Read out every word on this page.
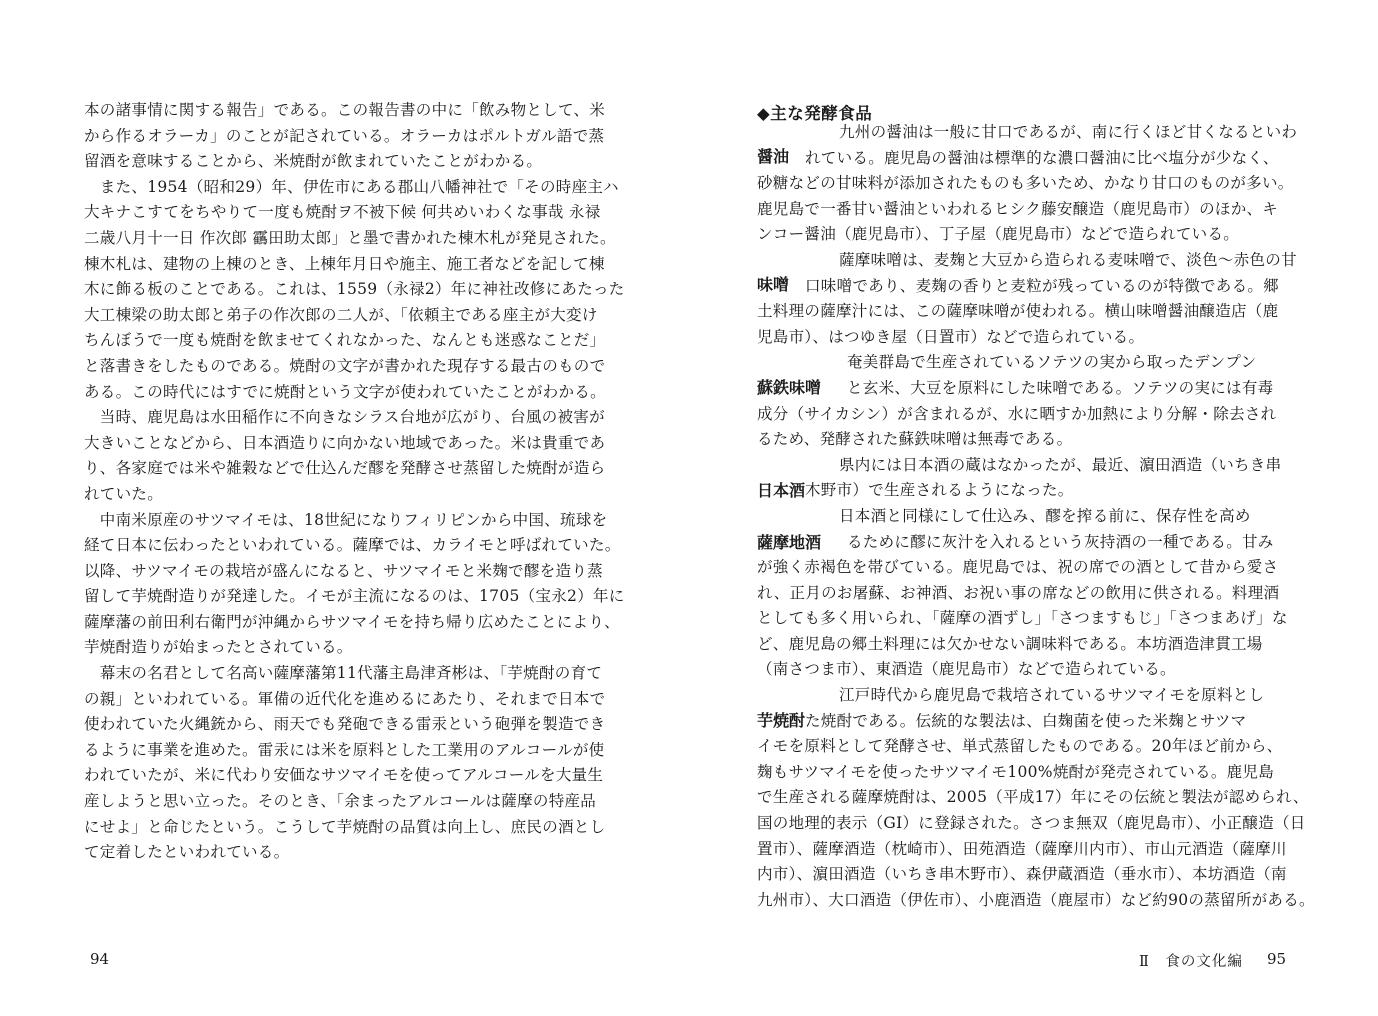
本の諸事情に関する報告」である。この報告書の中に「飲み物として、米
から作るオラーカ」のことが記されている。オラーカはポルトガル語で蒸
留酒を意味することから、米焼酎が飲まれていたことがわかる。
　また、1954（昭和29）年、伊佐市にある郡山八幡神社で「その時座主ハ
大キナこすてをちやりて一度も焼酎ヲ不被下候 何共めいわくな事哉 永禄
二歳八月十一日 作次郎 靍田助太郎」と墨で書かれた棟木札が発見された。
棟木札は、建物の上棟のとき、上棟年月日や施主、施工者などを記して棟
木に飾る板のことである。これは、1559（永禄2）年に神社改修にあたった
大工棟梁の助太郎と弟子の作次郎の二人が、「依頼主である座主が大変け
ちんぼうで一度も焼酎を飲ませてくれなかった、なんとも迷惑なことだ」
と落書きをしたものである。焼酎の文字が書かれた現存する最古のもので
ある。この時代にはすでに焼酎という文字が使われていたことがわかる。
　当時、鹿児島は水田稲作に不向きなシラス台地が広がり、台風の被害が
大きいことなどから、日本酒造りに向かない地域であった。米は貴重であ
り、各家庭では米や雑穀などで仕込んだ醪を発酵させ蒸留した焼酎が造ら
れていた。
　中南米原産のサツマイモは、18世紀になりフィリピンから中国、琉球を
経て日本に伝わったといわれている。薩摩では、カライモと呼ばれていた。
以降、サツマイモの栽培が盛んになると、サツマイモと米麹で醪を造り蒸
留して芋焼酎造りが発達した。イモが主流になるのは、1705（宝永2）年に
薩摩藩の前田利右衛門が沖縄からサツマイモを持ち帰り広めたことにより、
芋焼酎造りが始まったとされている。
　幕末の名君として名高い薩摩藩第11代藩主島津斉彬は、「芋焼酎の育て
の親」といわれている。軍備の近代化を進めるにあたり、それまで日本で
使われていた火縄銃から、雨天でも発砲できる雷汞という砲弾を製造でき
るように事業を進めた。雷汞には米を原料とした工業用のアルコールが使
われていたが、米に代わり安価なサツマイモを使ってアルコールを大量生
産しようと思い立った。そのとき、「余まったアルコールは薩摩の特産品
にせよ」と命じたという。こうして芋焼酎の品質は向上し、庶民の酒とし
て定着したといわれている。
94
◆主な発酵食品
九州の醤油は一般に甘口であるが、南に行くほど甘くなるといわ
れている。鹿児島の醤油は標準的な濃口醤油に比べ塩分が少なく、
砂糖などの甘味料が添加されたものも多いため、かなり甘口のものが多い。
鹿児島で一番甘い醤油といわれるヒシク藤安醸造（鹿児島市）のほか、キ
ンコー醤油（鹿児島市）、丁子屋（鹿児島市）などで造られている。
薩摩味噌は、麦麹と大豆から造られる麦味噌で、淡色〜赤色の甘
口味噌であり、麦麹の香りと麦粒が残っているのが特徴である。郷
土料理の薩摩汁には、この薩摩味噌が使われる。横山味噌醤油醸造店（鹿
児島市）、はつゆき屋（日置市）などで造られている。
奄美群島で生産されているソテツの実から取ったデンプン
と玄米、大豆を原料にした味噌である。ソテツの実には有毒
成分（サイカシン）が含まれるが、水に晒すか加熱により分解・除去され
るため、発酵された蘇鉄味噌は無毒である。
県内には日本酒の蔵はなかったが、最近、濵田酒造（いちき串
木野市）で生産されるようになった。
日本酒と同様にして仕込み、醪を搾る前に、保存性を高め
るために醪に灰汁を入れるという灰持酒の一種である。甘み
が強く赤褐色を帯びている。鹿児島では、祝の席での酒として昔から愛さ
れ、正月のお屠蘇、お神酒、お祝い事の席などの飲用に供される。料理酒
としても多く用いられ、「薩摩の酒ずし」「さつますもじ」「さつまあげ」な
ど、鹿児島の郷土料理には欠かせない調味料である。本坊酒造津貫工場
（南さつま市）、東酒造（鹿児島市）などで造られている。
江戸時代から鹿児島で栽培されているサツマイモを原料とし
た焼酎である。伝統的な製法は、白麹菌を使った米麹とサツマ
イモを原料として発酵させ、単式蒸留したものである。20年ほど前から、
麹もサツマイモを使ったサツマイモ100%焼酎が発売されている。鹿児島
で生産される薩摩焼酎は、2005（平成17）年にその伝統と製法が認められ、
国の地理的表示（GI）に登録された。さつま無双（鹿児島市）、小正醸造（日
置市）、薩摩酒造（枕崎市）、田苑酒造（薩摩川内市）、市山元酒造（薩摩川
内市）、濵田酒造（いちき串木野市）、森伊蔵酒造（垂水市）、本坊酒造（南
九州市）、大口酒造（伊佐市）、小鹿酒造（鹿屋市）など約90の蒸留所がある。
醤油
味噌
蘇鉄味噌
日本酒
薩摩地酒
芋焼酎
Ⅱ　食の文化編 95
